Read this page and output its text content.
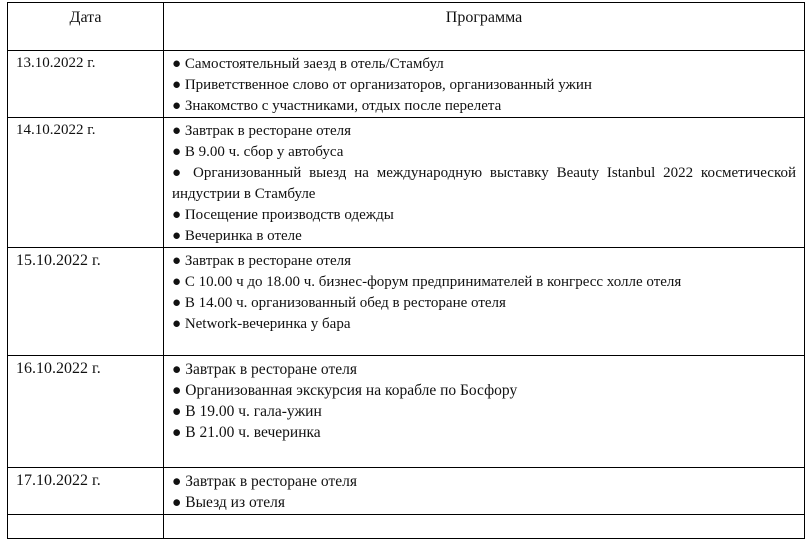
Дата	Программа

13.10.2022 г.	● Самостоятельный заезд в отель/Стамбул
● Приветственное слово от организаторов, организованный ужин
● Знакомство с участниками, отдых после перелета

14.10.2022 г.	● Завтрак в ресторане отеля
● В 9.00 ч. сбор у автобуса
● Организованный выезд на международную выставку Beauty Istanbul 2022 косметической индустрии в Стамбуле
● Посещение производств одежды
● Вечеринка в отеле

15.10.2022 г.	● Завтрак в ресторане отеля
● С 10.00 ч до 18.00 ч. бизнес-форум предпринимателей в конгресс холле отеля
● В 14.00 ч. организованный обед в ресторане отеля
● Network-вечеринка у бара

16.10.2022 г.	● Завтрак в ресторане отеля
● Организованная экскурсия на корабле по Босфору
● В 19.00 ч. гала-ужин
● В 21.00 ч. вечеринка

17.10.2022 г.	● Завтрак в ресторане отеля
● Выезд из отеля
